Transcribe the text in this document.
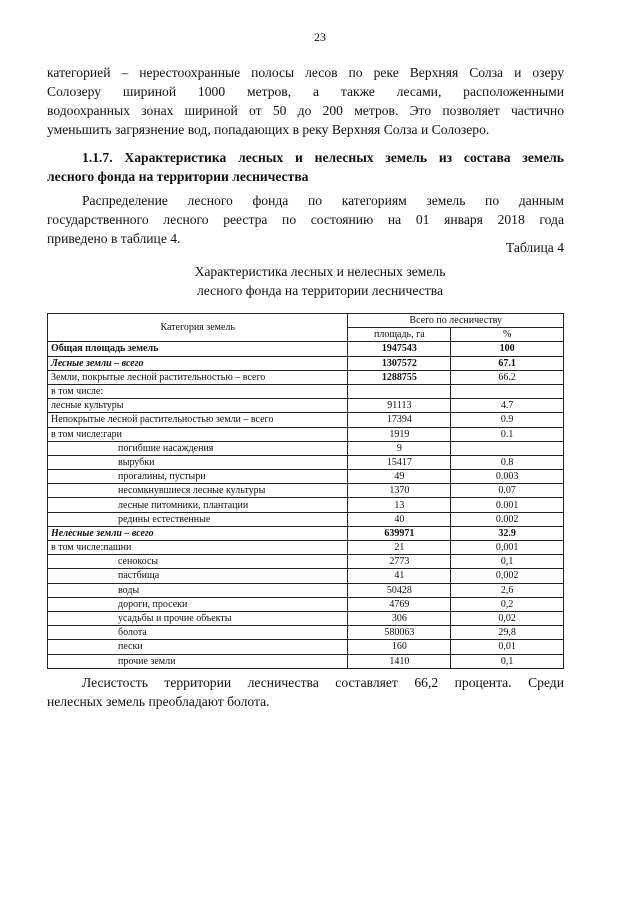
23
категорией – нерестоохранные полосы лесов по реке Верхняя Солза и озеру
Солозеру шириной 1000 метров, а также лесами, расположенными
водоохранных зонах шириной от 50 до 200 метров. Это позволяет частично
уменьшить загрязнение вод, попадающих в реку Верхняя Солза и Солозеро.
1.1.7. Характеристика лесных и нелесных земель из состава земель
лесного фонда на территории лесничества
Распределение лесного фонда по категориям земель по данным
государственного лесного реестра по состоянию на 01 января 2018 года
приведено в таблице 4.
Таблица 4
Характеристика лесных и нелесных земель
лесного фонда на территории лесничества
Категория земель	Всего по лесничеству	
	площадь, га	%
Общая площадь земель	1947543	100
Лесные земли – всего	1307572	67.1
Земли, покрытые лесной растительностью – всего	1288755	66.2
в том числе:		
лесные культуры	91113	4.7
Непокрытые лесной растительностью земли – всего	17394	0.9
в том числе:гари	1919	0.1
погибшие насаждения	9	
вырубки	15417	0.8
прогалины, пустыри	49	0.003
несомкнувшиеся лесные культуры	1370	0.07
лесные питомники, плантации	13	0.001
редины естественные	40	0.002
Нелесные земли – всего	639971	32.9
в том числе:пашни	21	0,001
сенокосы	2773	0,1
пастбища	41	0,002
воды	50428	2,6
дороги, просеки	4769	0,2
усадьбы и прочие объекты	306	0,02
болота	580063	29,8
пески	160	0,01
прочие земли	1410	0,1
Лесистость территории лесничества составляет 66,2 процента. Среди
нелесных земель преобладают болота.
